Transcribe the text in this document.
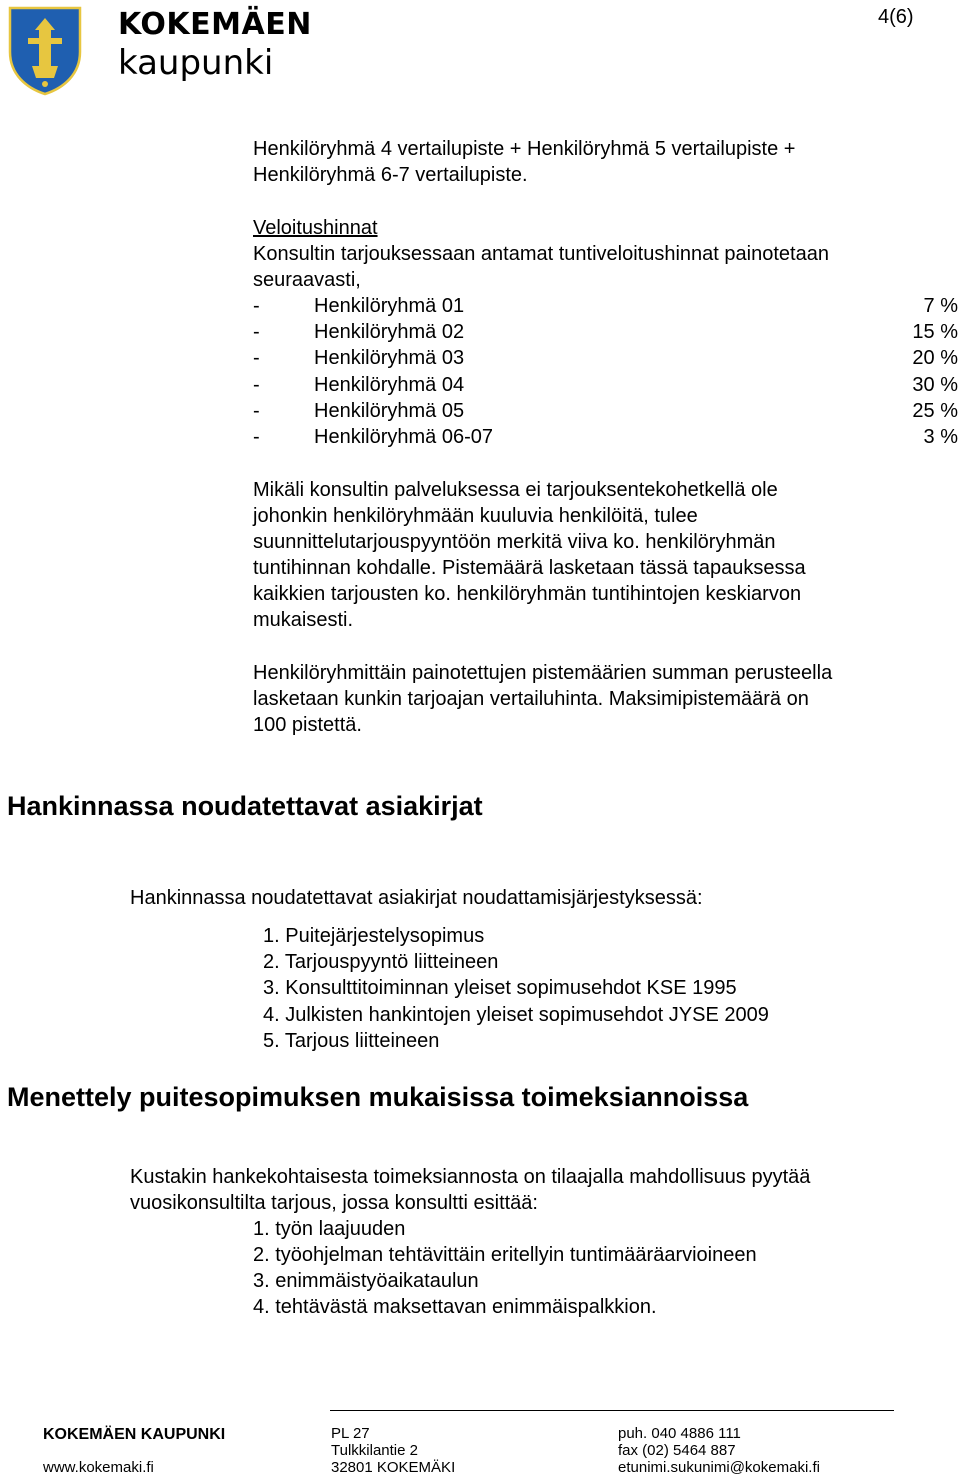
KOKEMÄEN
kaupunki
4(6)
Henkilöryhmä 4 vertailupiste + Henkilöryhmä 5 vertailupiste +
Henkilöryhmä 6-7 vertailupiste.
Veloitushinnat
Konsultin tarjouksessaan antamat tuntiveloitushinnat painotetaan
seuraavasti,
-	Henkilöryhmä 01	7 %
-	Henkilöryhmä 02	15 %
-	Henkilöryhmä 03	20 %
-	Henkilöryhmä 04	30 %
-	Henkilöryhmä 05	25 %
-	Henkilöryhmä 06-07	3 %
Mikäli konsultin palveluksessa ei tarjouksentekohetkellä ole
johonkin henkilöryhmään kuuluvia henkilöitä, tulee
suunnittelutarjouspyyntöön merkitä viiva ko. henkilöryhmän
tuntihinnan kohdalle. Pistemäärä lasketaan tässä tapauksessa
kaikkien tarjousten ko. henkilöryhmän tuntihintojen keskiarvon
mukaisesti.
Henkilöryhmittäin painotettujen pistemäärien summan perusteella
lasketaan kunkin tarjoajan vertailuhinta. Maksimipistemäärä on
100 pistettä.
Hankinnassa noudatettavat asiakirjat
Hankinnassa noudatettavat asiakirjat noudattamisjärjestyksessä:
1. Puitejärjestelysopimus
2. Tarjouspyyntö liitteineen
3. Konsulttitoiminnan yleiset sopimusehdot KSE 1995
4. Julkisten hankintojen yleiset sopimusehdot JYSE 2009
5. Tarjous liitteineen
Menettely puitesopimuksen mukaisissa toimeksiannoissa
Kustakin hankekohtaisesta toimeksiannosta on tilaajalla mahdollisuus pyytää
vuosikonsultilta tarjous, jossa konsultti esittää:
1. työn laajuuden
2. työohjelman tehtävittäin eritellyin tuntimääräarvioineen
3. enimmäistyöaikataulun
4. tehtävästä maksettavan enimmäispalkkion.
KOKEMÄEN KAUPUNKI
www.kokemaki.fi
PL 27
Tulkkilantie 2
32801 KOKEMÄKI
puh. 040 4886 111
fax (02) 5464 887
etunimi.sukunimi@kokemaki.fi
